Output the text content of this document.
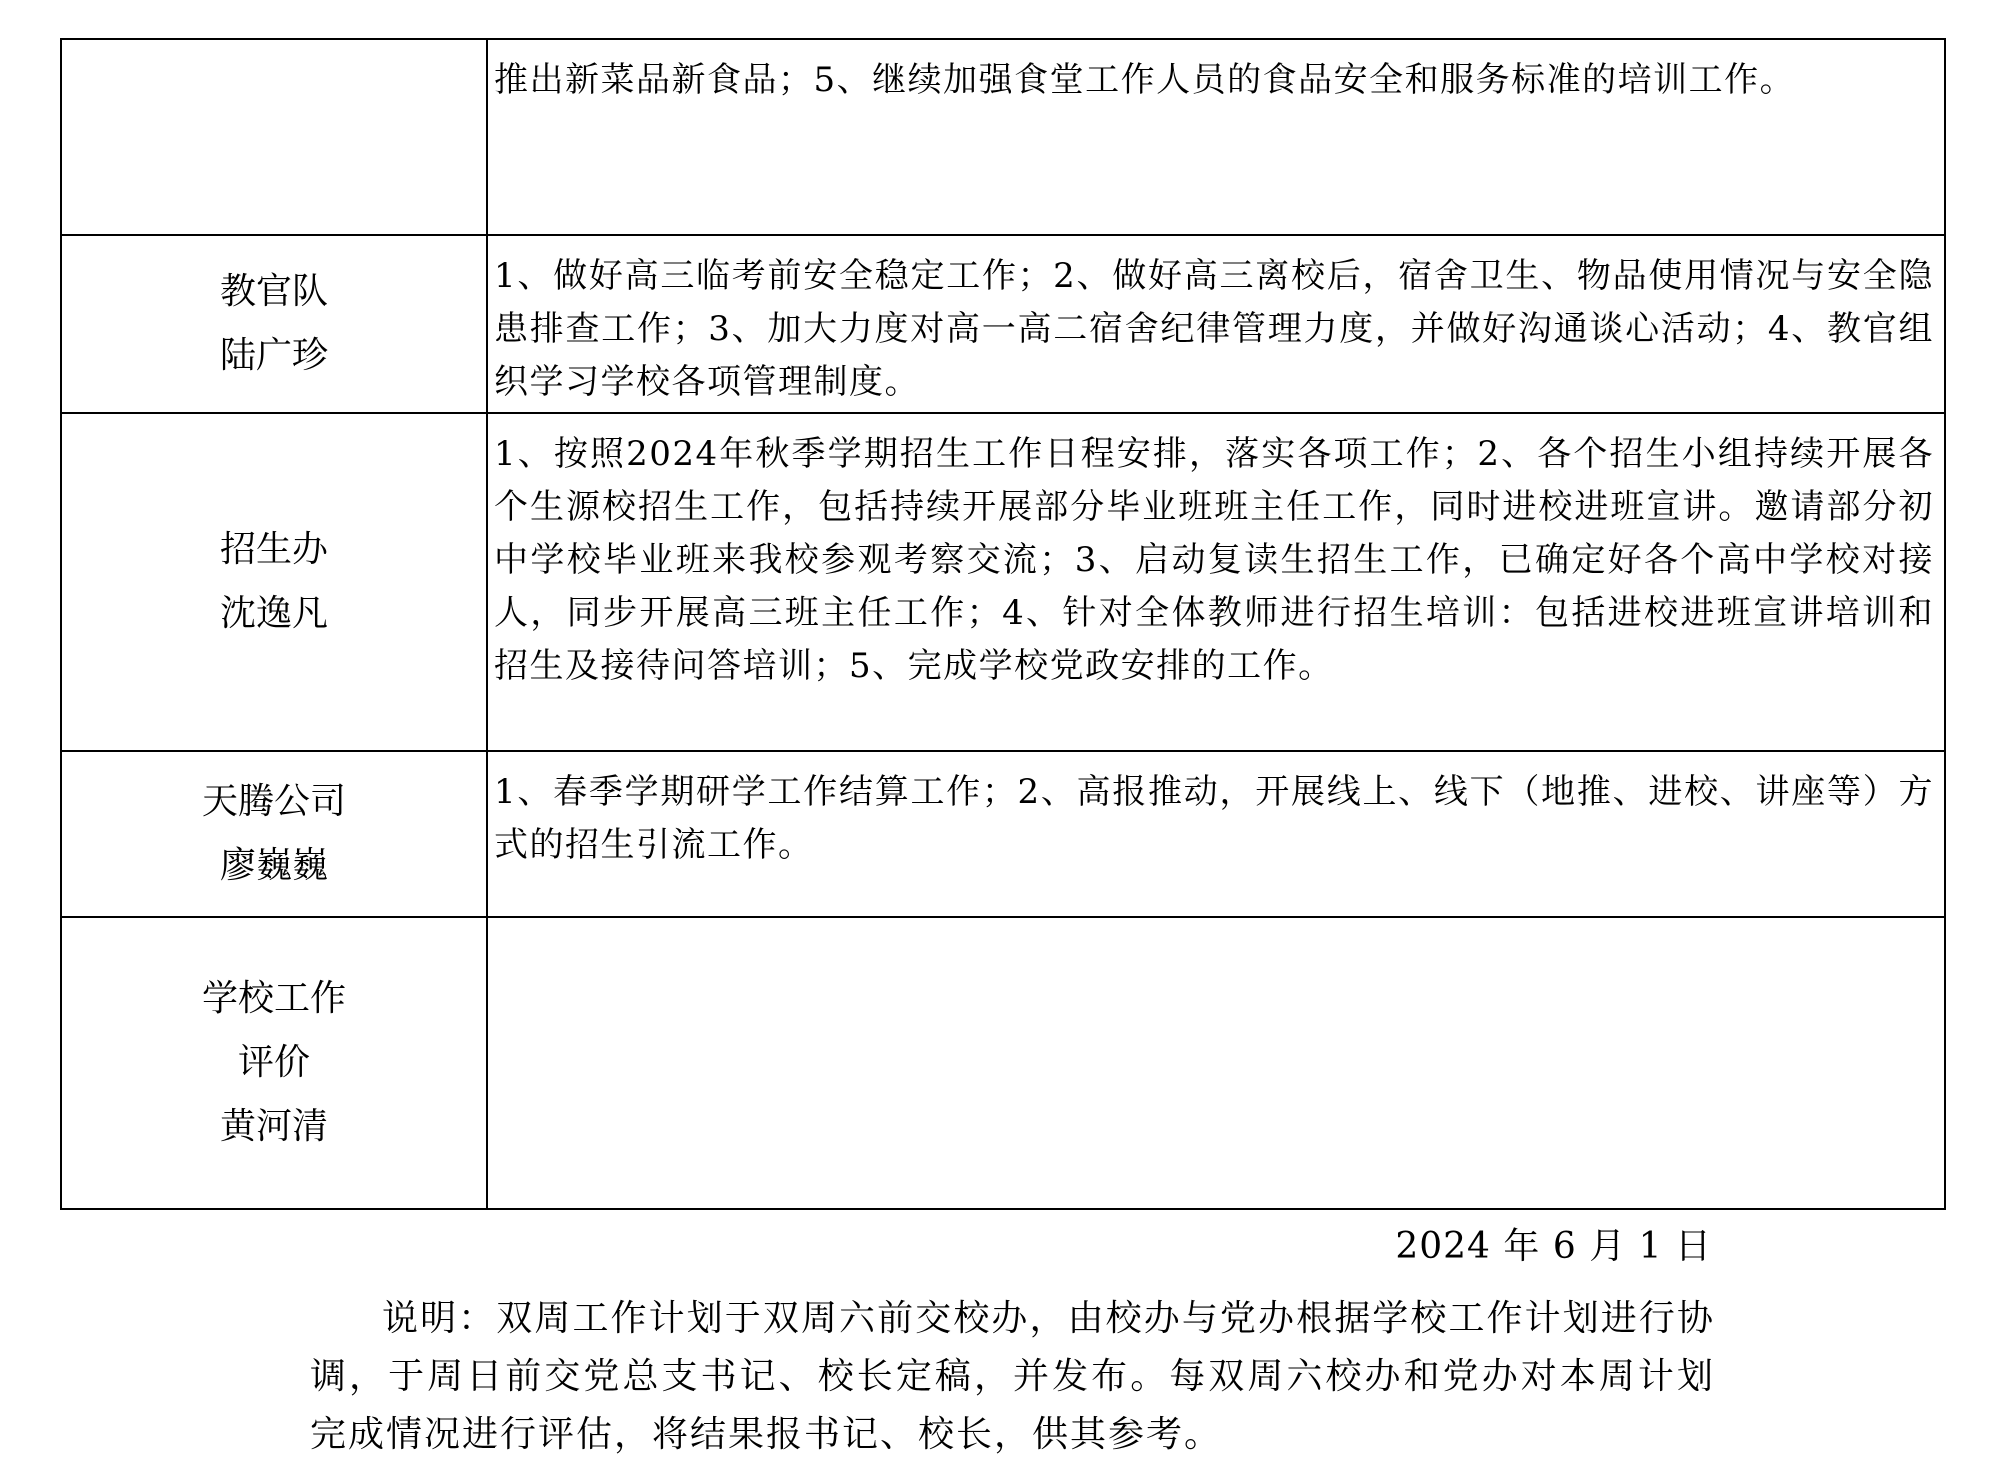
	推出新菜品新食品；5、继续加强食堂工作人员的食品安全和服务标准的培训工作。

教官队
陆广珍	1、做好高三临考前安全稳定工作；2、做好高三离校后，宿舍卫生、物品使用情况与安全隐患排查工作；3、加大力度对高一高二宿舍纪律管理力度，并做好沟通谈心活动；4、教官组织学习学校各项管理制度。

招生办
沈逸凡	1、按照2024年秋季学期招生工作日程安排，落实各项工作；2、各个招生小组持续开展各个生源校招生工作，包括持续开展部分毕业班班主任工作，同时进校进班宣讲。邀请部分初中学校毕业班来我校参观考察交流；3、启动复读生招生工作，已确定好各个高中学校对接人，同步开展高三班主任工作；4、针对全体教师进行招生培训：包括进校进班宣讲培训和招生及接待问答培训；5、完成学校党政安排的工作。

天腾公司
廖巍巍	1、春季学期研学工作结算工作；2、高报推动，开展线上、线下（地推、进校、讲座等）方式的招生引流工作。

学校工作
评价
黄河清	

2024 年 6 月 1 日
说明：双周工作计划于双周六前交校办，由校办与党办根据学校工作计划进行协调，于周日前交党总支书记、校长定稿，并发布。每双周六校办和党办对本周计划完成情况进行评估，将结果报书记、校长，供其参考。
